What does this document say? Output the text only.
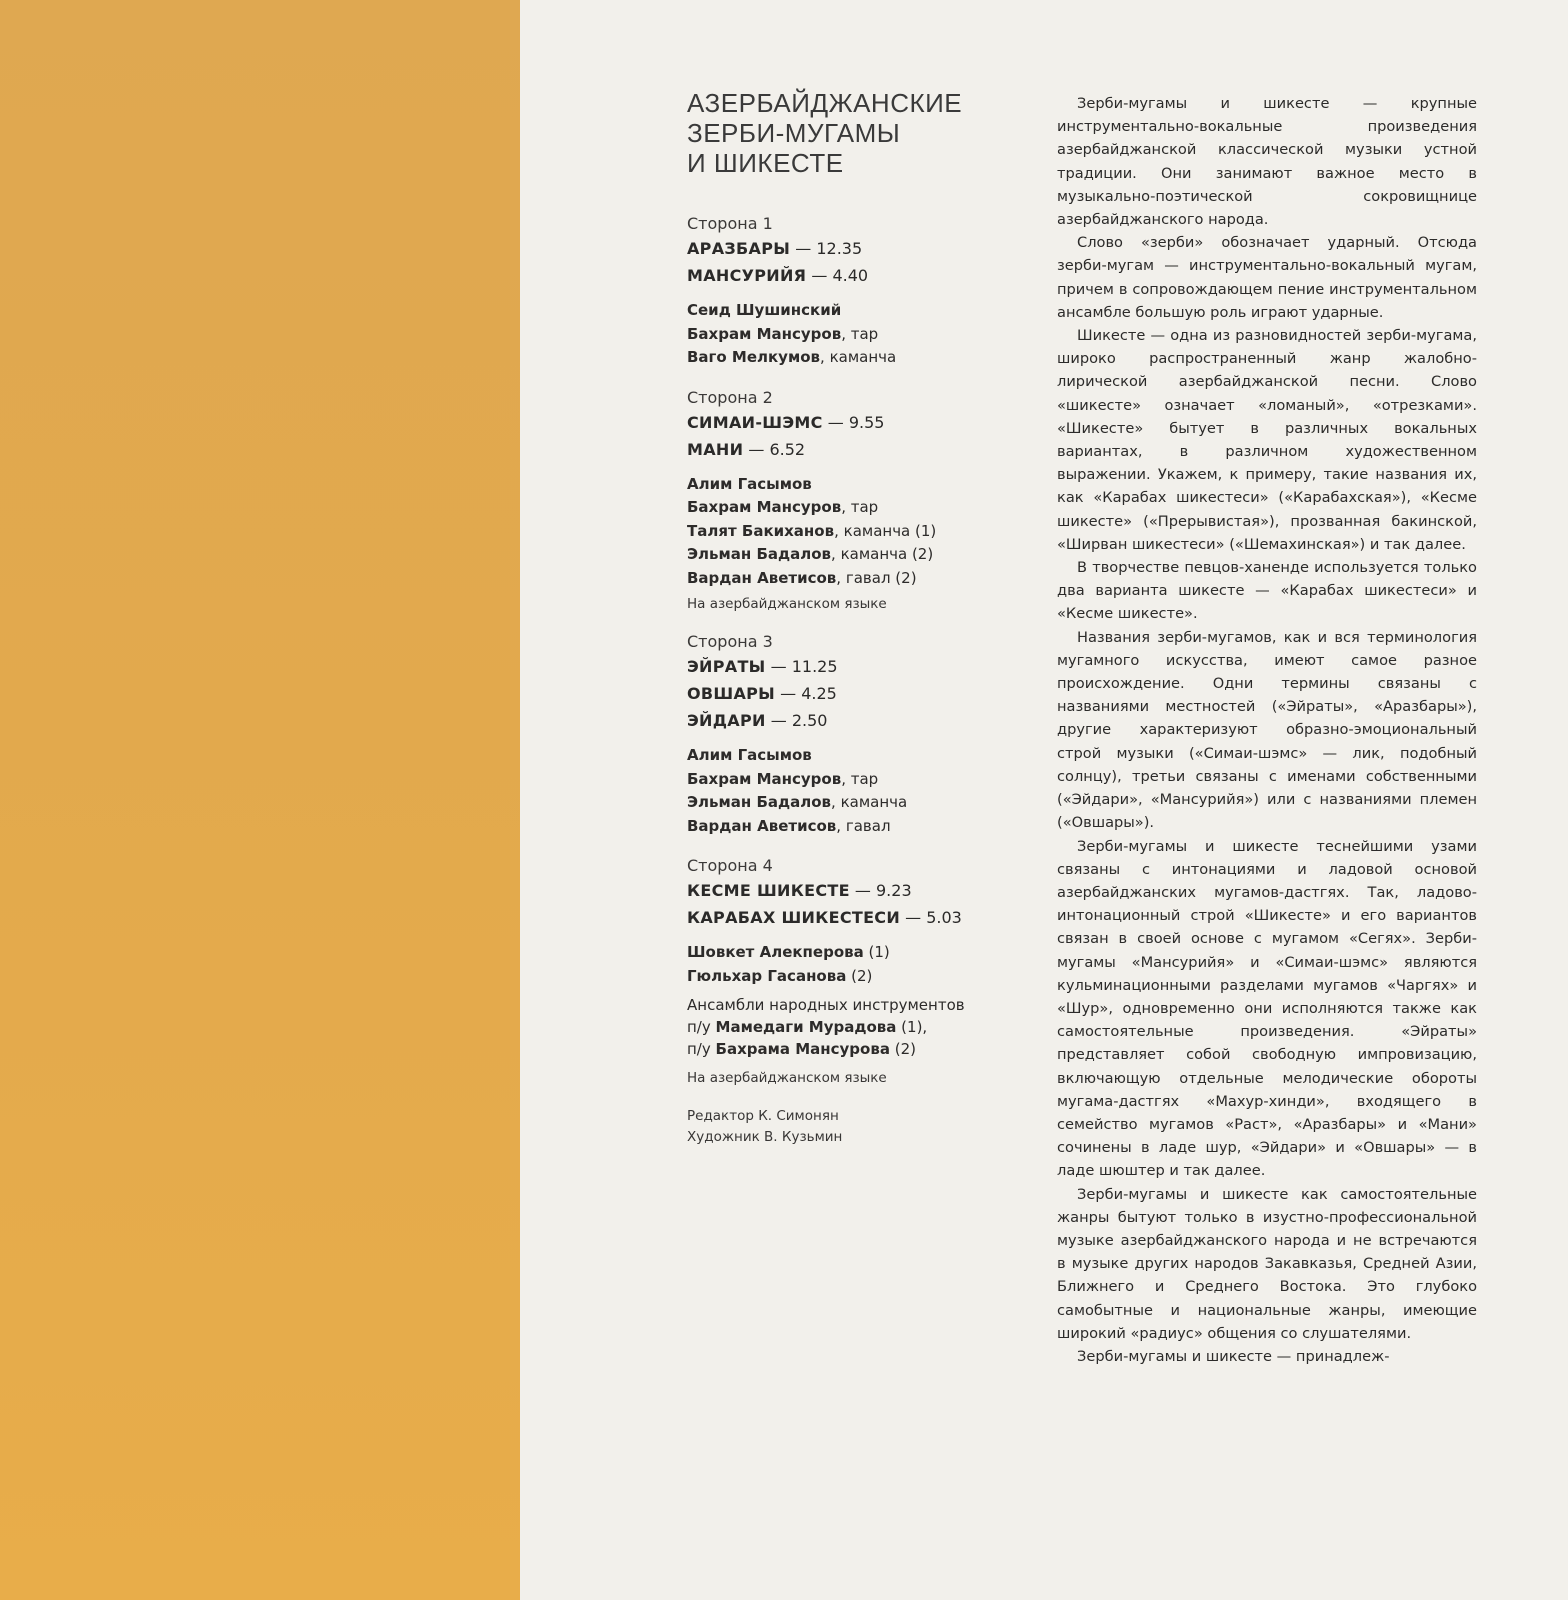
АЗЕРБАЙДЖАНСКИЕ
ЗЕРБИ-МУГАМЫ
И ШИКЕСТЕ
Сторона 1
АРАЗБАРЫ — 12.35
МАНСУРИЙЯ — 4.40
Сеид Шушинский
Бахрам Мансуров, тар
Ваго Мелкумов, каманча
Сторона 2
СИМАИ-ШЭМС — 9.55
МАНИ — 6.52
Алим Гасымов
Бахрам Мансуров, тар
Талят Бакиханов, каманча (1)
Эльман Бадалов, каманча (2)
Вардан Аветисов, гавал (2)
На азербайджанском языке
Сторона 3
ЭЙРАТЫ — 11.25
ОВШАРЫ — 4.25
ЭЙДАРИ — 2.50
Алим Гасымов
Бахрам Мансуров, тар
Эльман Бадалов, каманча
Вардан Аветисов, гавал
Сторона 4
КЕСМЕ ШИКЕСТЕ — 9.23
КАРАБАХ ШИКЕСТЕСИ — 5.03
Шовкет Алекперова (1)
Гюльхар Гасанова (2)
Ансамбли народных инструментов
п/у Мамедаги Мурадова (1),
п/у Бахрама Мансурова (2)
На азербайджанском языке
Редактор К. Симонян
Художник В. Кузьмин

Зерби-мугамы и шикесте — крупные инструментально-вокальные произведения азербайджанской классической музыки устной традиции. Они занимают важное место в музыкально-поэтической сокровищнице азербайджанского народа.

Слово «зерби» обозначает ударный. Отсюда зерби-мугам — инструментально-вокальный мугам, причем в сопровождающем пение инструментальном ансамбле большую роль играют ударные.

Шикесте — одна из разновидностей зерби-мугама, широко распространенный жанр жалобно-лирической азербайджанской песни. Слово «шикесте» означает «ломаный», «отрезками». «Шикесте» бытует в различных вокальных вариантах, в различном художественном выражении. Укажем, к примеру, такие названия их, как «Карабах шикестеси» («Карабахская»), «Кесме шикесте» («Прерывистая»), прозванная бакинской, «Ширван шикестеси» («Шемахинская») и так далее.

В творчестве певцов-ханенде используется только два варианта шикесте — «Карабах шикестеси» и «Кесме шикесте».

Названия зерби-мугамов, как и вся терминология мугамного искусства, имеют самое разное происхождение. Одни термины связаны с названиями местностей («Эйраты», «Аразбары»), другие характеризуют образно-эмоциональный строй музыки («Симаи-шэмс» — лик, подобный солнцу), третьи связаны с именами собственными («Эйдари», «Мансурийя») или с названиями племен («Овшары»).

Зерби-мугамы и шикесте теснейшими узами связаны с интонациями и ладовой основой азербайджанских мугамов-дастгях. Так, ладово-интонационный строй «Шикесте» и его вариантов связан в своей основе с мугамом «Сегях». Зерби-мугамы «Мансурийя» и «Симаи-шэмс» являются кульминационными разделами мугамов «Чаргях» и «Шур», одновременно они исполняются также как самостоятельные произведения. «Эйраты» представляет собой свободную импровизацию, включающую отдельные мелодические обороты мугама-дастгях «Махур-хинди», входящего в семейство мугамов «Раст», «Аразбары» и «Мани» сочинены в ладе шур, «Эйдари» и «Овшары» — в ладе шюштер и так далее.

Зерби-мугамы и шикесте как самостоятельные жанры бытуют только в изустно-профессиональной музыке азербайджанского народа и не встречаются в музыке других народов Закавказья, Средней Азии, Ближнего и Среднего Востока. Это глубоко самобытные и национальные жанры, имеющие широкий «радиус» общения со слушателями.

Зерби-мугамы и шикесте — принадлеж-
